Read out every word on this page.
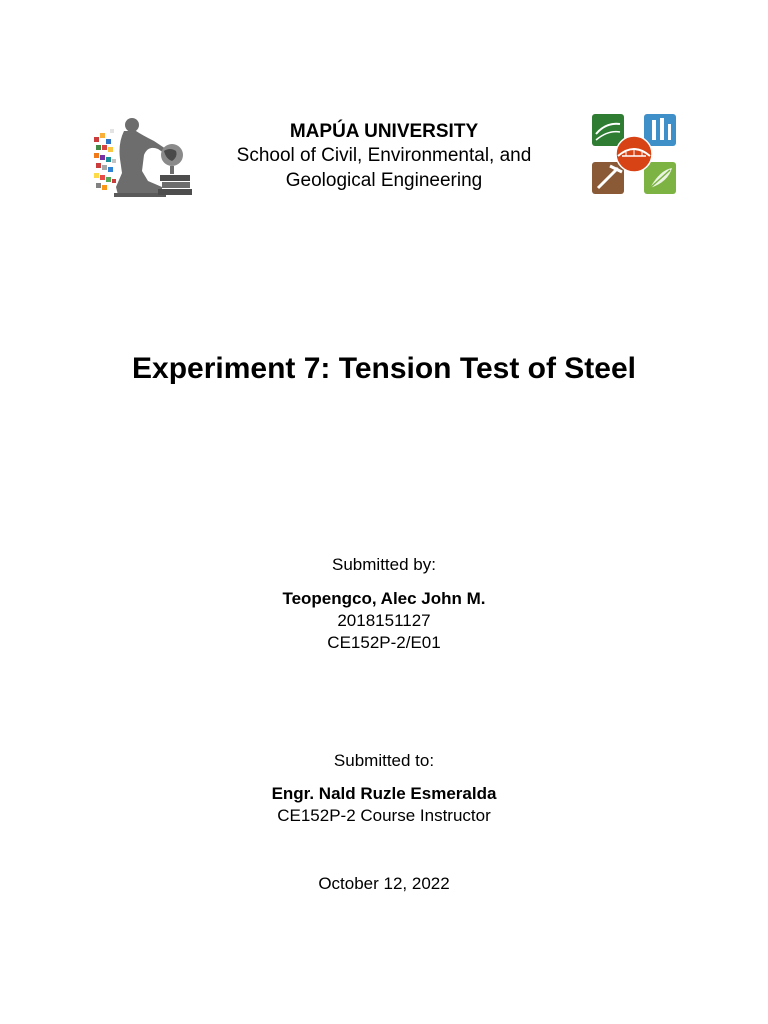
MAPÚA UNIVERSITY
School of Civil, Environmental, and
Geological Engineering
Experiment 7: Tension Test of Steel
Submitted by:
Teopengco, Alec John M.
2018151127
CE152P-2/E01
Submitted to:
Engr. Nald Ruzle Esmeralda
CE152P-2 Course Instructor
October 12, 2022
